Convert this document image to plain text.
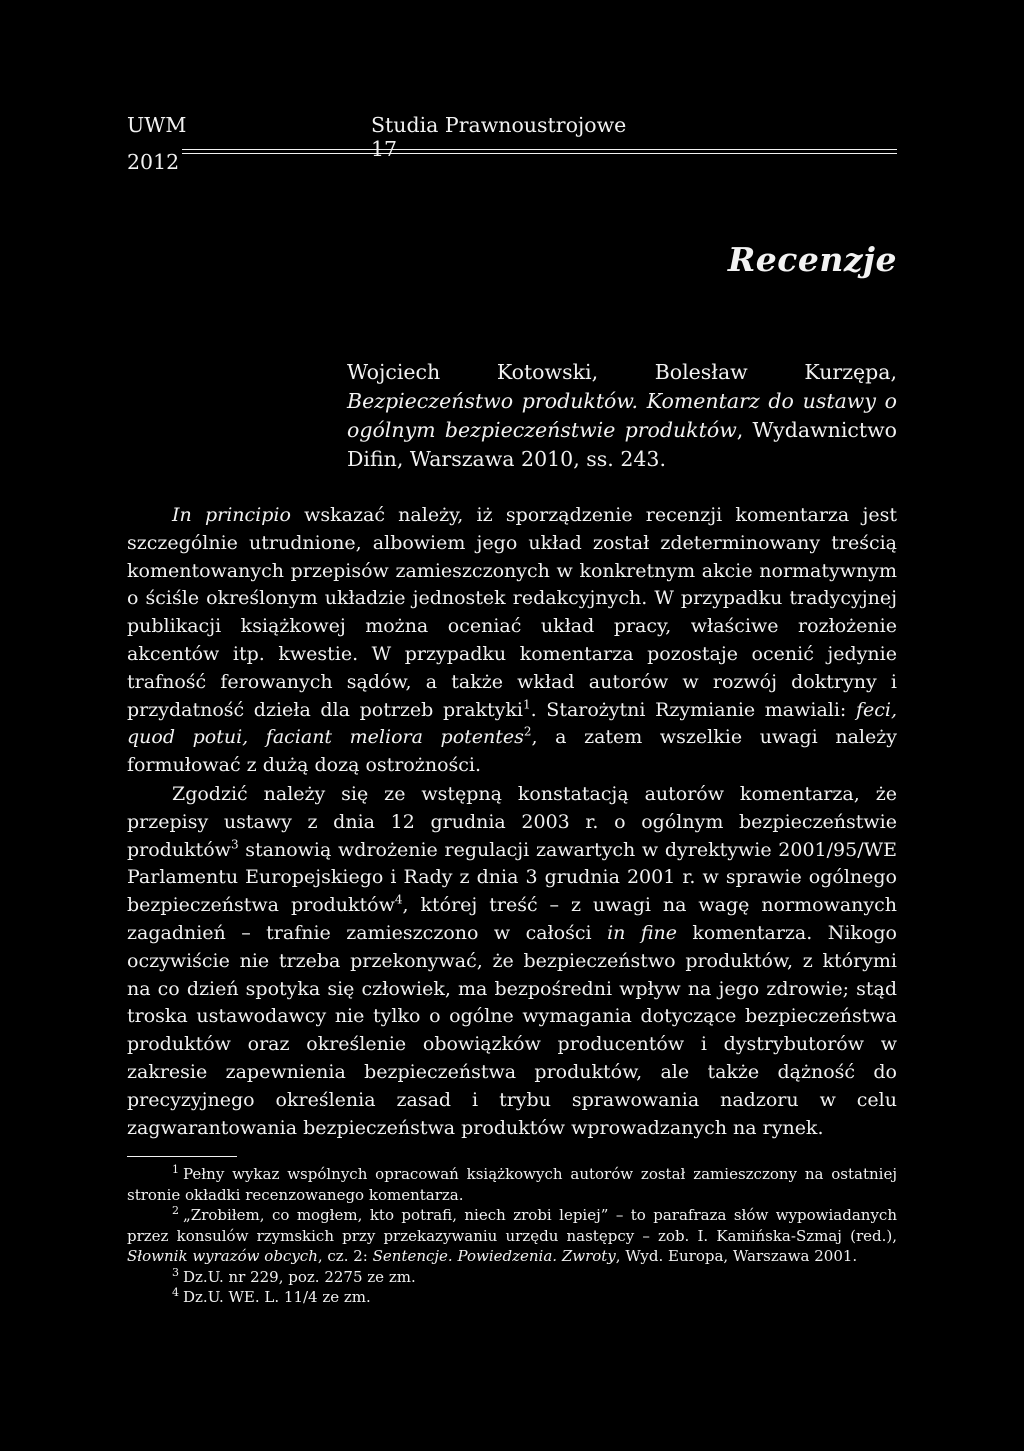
UWM	Studia Prawnoustrojowe 17
2012
Recenzje

Wojciech Kotowski, Bolesław Kurzępa, Bezpieczeństwo produktów. Komentarz do ustawy o ogólnym bezpieczeństwie produktów, Wydawnictwo Difin, Warszawa 2010, ss. 243.

In principio wskazać należy, iż sporządzenie recenzji komentarza jest szczególnie utrudnione, albowiem jego układ został zdeterminowany treścią komentowanych przepisów zamieszczonych w konkretnym akcie normatywnym o ściśle określonym układzie jednostek redakcyjnych. W przypadku tradycyjnej publikacji książkowej można oceniać układ pracy, właściwe rozłożenie akcentów itp. kwestie. W przypadku komentarza pozostaje ocenić jedynie trafność ferowanych sądów, a także wkład autorów w rozwój doktryny i przydatność dzieła dla potrzeb praktyki$^1$. Starożytni Rzymianie mawiali: feci, quod potui, faciant meliora potentes$^2$, a zatem wszelkie uwagi należy formułować z dużą dozą ostrożności.

Zgodzić należy się ze wstępną konstatacją autorów komentarza, że przepisy ustawy z dnia 12 grudnia 2003 r. o ogólnym bezpieczeństwie produktów$^3$ stanowią wdrożenie regulacji zawartych w dyrektywie 2001/95/WE Parlamentu Europejskiego i Rady z dnia 3 grudnia 2001 r. w sprawie ogólnego bezpieczeństwa produktów$^4$, której treść – z uwagi na wagę normowanych zagadnień – trafnie zamieszczono w całości in fine komentarza. Nikogo oczywiście nie trzeba przekonywać, że bezpieczeństwo produktów, z którymi na co dzień spotyka się człowiek, ma bezpośredni wpływ na jego zdrowie; stąd troska ustawodawcy nie tylko o ogólne wymagania dotyczące bezpieczeństwa produktów oraz określenie obowiązków producentów i dystrybutorów w zakresie zapewnienia bezpieczeństwa produktów, ale także dążność do precyzyjnego określenia zasad i trybu sprawowania nadzoru w celu zagwarantowania bezpieczeństwa produktów wprowadzanych na rynek.

$^1$ Pełny wykaz wspólnych opracowań książkowych autorów został zamieszczony na ostatniej stronie okładki recenzowanego komentarza.

$^2$ „Zrobiłem, co mogłem, kto potrafi, niech zrobi lepiej” – to parafraza słów wypowiadanych przez konsulów rzymskich przy przekazywaniu urzędu następcy – zob. I. Kamińska-Szmaj (red.), Słownik wyrazów obcych, cz. 2: Sentencje. Powiedzenia. Zwroty, Wyd. Europa, Warszawa 2001.

$^3$ Dz.U. nr 229, poz. 2275 ze zm.

$^4$ Dz.U. WE. L. 11/4 ze zm.
